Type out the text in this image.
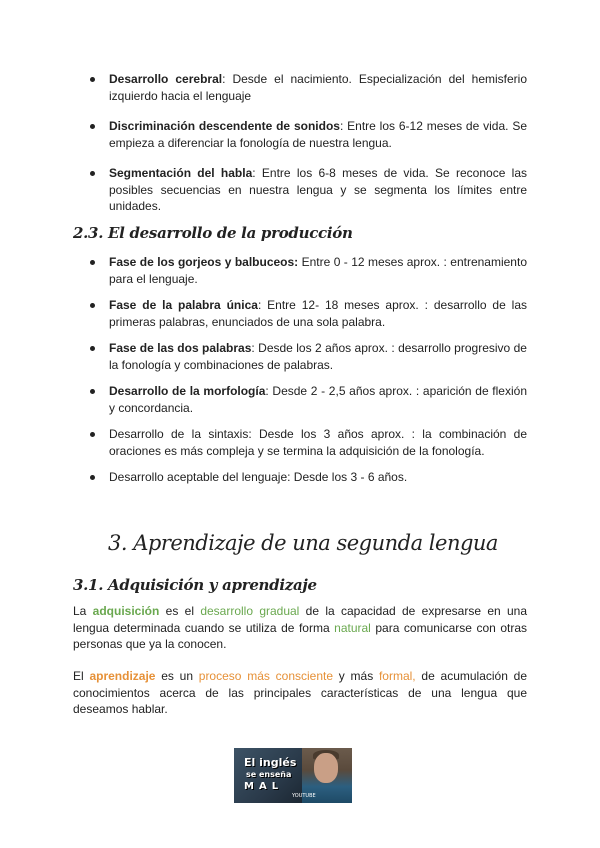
Desarrollo cerebral: Desde el nacimiento. Especialización del hemisferio izquierdo hacia el lenguaje
Discriminación descendente de sonidos: Entre los 6-12 meses de vida. Se empieza a diferenciar la fonología de nuestra lengua.
Segmentación del habla: Entre los 6-8 meses de vida. Se reconoce las posibles secuencias en nuestra lengua y se segmenta los límites entre unidades.
2.3. El desarrollo de la producción
Fase de los gorjeos y balbuceos: Entre 0 - 12 meses aprox. : entrenamiento para el lenguaje.
Fase de la palabra única: Entre 12- 18 meses aprox. : desarrollo de las primeras palabras, enunciados de una sola palabra.
Fase de las dos palabras: Desde los 2 años aprox. : desarrollo progresivo de la fonología y combinaciones de palabras.
Desarrollo de la morfología: Desde 2 - 2,5 años aprox. : aparición de flexión y concordancia.
Desarrollo de la sintaxis: Desde los 3 años aprox. : la combinación de oraciones es más compleja y se termina la adquisición de la fonología.
Desarrollo aceptable del lenguaje: Desde los 3 - 6 años.
3. Aprendizaje de una segunda lengua
3.1. Adquisición y aprendizaje

La adquisición es el desarrollo gradual de la capacidad de expresarse en una lengua determinada cuando se utiliza de forma natural para comunicarse con otras personas que ya la conocen.

El aprendizaje es un proceso más consciente y más formal, de acumulación de conocimientos acerca de las principales características de una lengua que deseamos hablar.

El inglés
se enseña
MAL
YOUTUBE
